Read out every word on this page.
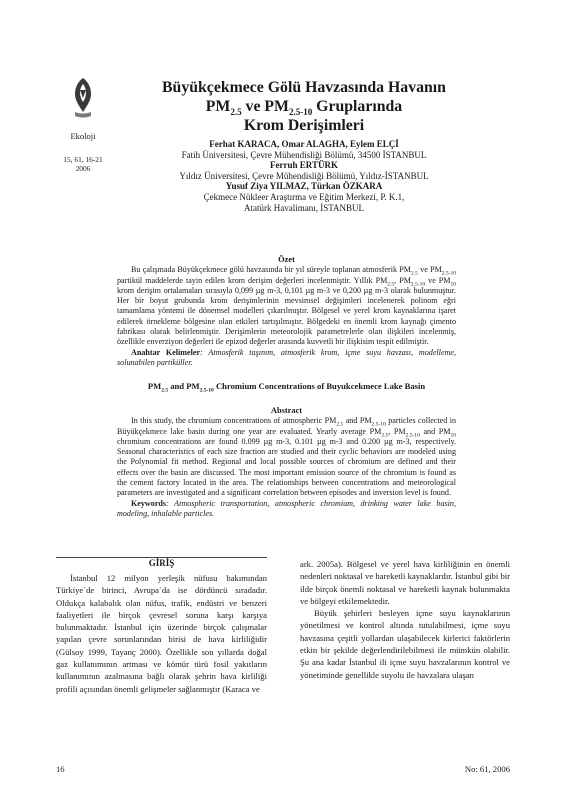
Ekoloji
15, 61, 16-21
2006
Büyükçekmece Gölü Havzasında Havanın
$PM_{2.5}$ ve $PM_{2.5-10}$ Gruplarında
Krom Derişimleri
Ferhat KARACA, Omar ALAGHA, Eylem ELÇİ
Fatih Üniversitesi, Çevre Mühendisliği Bölümü, 34500 İSTANBUL
Ferruh ERTÜRK
Yıldız Üniversitesi, Çevre Mühendisliği Bölümü, Yıldız-İSTANBUL
Yusuf Ziya YILMAZ, Türkan ÖZKARA
Çekmece Nükleer Araştırma ve Eğitim Merkezi, P. K.1,
Atatürk Havalimanı, İSTANBUL
Özet

Bu çalışmada Büyükçekmece gölü havzasında bir yıl süreyle toplanan atmosferik $PM_{2.5}$ ve $PM_{2.5-10}$ partikül maddelerde tayin edilen krom derişim değerleri incelenmiştir. Yıllık $PM_{2.5}$, $PM_{2.5-10}$ ve $PM_{10}$ krom derişim ortalamaları sırasıyla 0,099 µg m-3, 0,101 µg m-3 ve 0,200 µg m-3 olarak bulunmuştur. Her bir boyut grubunda krom derişimlerinin mevsimsel değişimleri incelenerek polinom eğri tamamlama yöntemi ile dönemsel modelleri çıkarılmıştır. Bölgesel ve yerel krom kaynaklarına işaret edilerek örnekleme bölgesine olan etkileri tartışılmıştır. Bölgedeki en önemli krom kaynağı çimento fabrikası olarak belirlenmiştir. Derişimlerin meteorolojik parametrelerle olan ilişkileri incelenmiş, özellikle enverziyon değerleri ile epizod değerler arasında kuvvetli bir ilişkisim tespit edilmiştir.

Anahtar Kelimeler: Atmosferik taşınım, atmosferik krom, içme suyu havzası, modelleme, solunabilen partiküller.

$PM_{2.5}$ and $PM_{2.5-10}$ Chromium Concentrations of Buyukcekmece Lake Basin
Abstract

In this study, the chromium concentrations of atmospheric $PM_{2.5}$ and $PM_{2.5-10}$ particles collected in Büyükçekmece lake basin during one year are evaluated. Yearly average $PM_{2.5}$, $PM_{2.5-10}$ and $PM_{10}$ chromium concentrations are found 0.099 µg m-3, 0.101 µg m-3 and 0.200 µg m-3, respectively. Seasonal characteristics of each size fraction are studied and their cyclic behaviors are modeled using the Polynomial fit method. Regional and local possible sources of chromium are defined and their effects over the basin are discussed. The most important emission source of the chromium is found as the cement factory located in the area. The relationships between concentrations and meteorological parameters are investigated and a significant correlation between episodes and inversion level is found.

Keywords: Atmospheric transportation, atmospheric chromium, drinking water lake basin, modeling, inhalable particles.

GİRİŞ

İstanbul 12 milyon yerleşik nüfusu bakımından Türkiye`de birinci, Avrupa`da ise dördüncü sıradadır. Oldukça kalabalık olan nüfus, trafik, endüstri ve benzeri faaliyetleri ile birçok çevresel soruna karşı karşıya bulunmaktadır. İstanbul için üzerinde birçok çalışmalar yapılan çevre sorunlarından birisi de hava kirliliğidir (Gülsoy 1999, Tayanç 2000). Özellikle son yıllarda doğal gaz kullanımının artması ve kömür türü fosil yakıtların kullanımının azalmasına bağlı olarak şehrin hava kirliliği profili açısından önemli gelişmeler sağlanmıştır (Karaca ve

ark. 2005a). Bölgesel ve yerel hava kirliliğinin en önemli nedenleri noktasal ve hareketli kaynaklardır. İstanbul gibi bir ilde birçok önemli noktasal ve hareketli kaynak bulunmakta ve bölgeyi etkilemektedir.

Büyük şehirleri besleyen içme suyu kaynaklarının yönetilmesi ve kontrol altında tutulabilmesi, içme suyu havzasına çeşitli yollardan ulaşabilecek kirlerici faktörlerin etkin bir şekilde değerlendirilebilmesi ile mümkün olabilir. Şu ana kadar İstanbul ili içme suyu havzalarının kontrol ve yönetiminde genellikle suyolu ile havzalara ulaşan

16	No: 61, 2006
